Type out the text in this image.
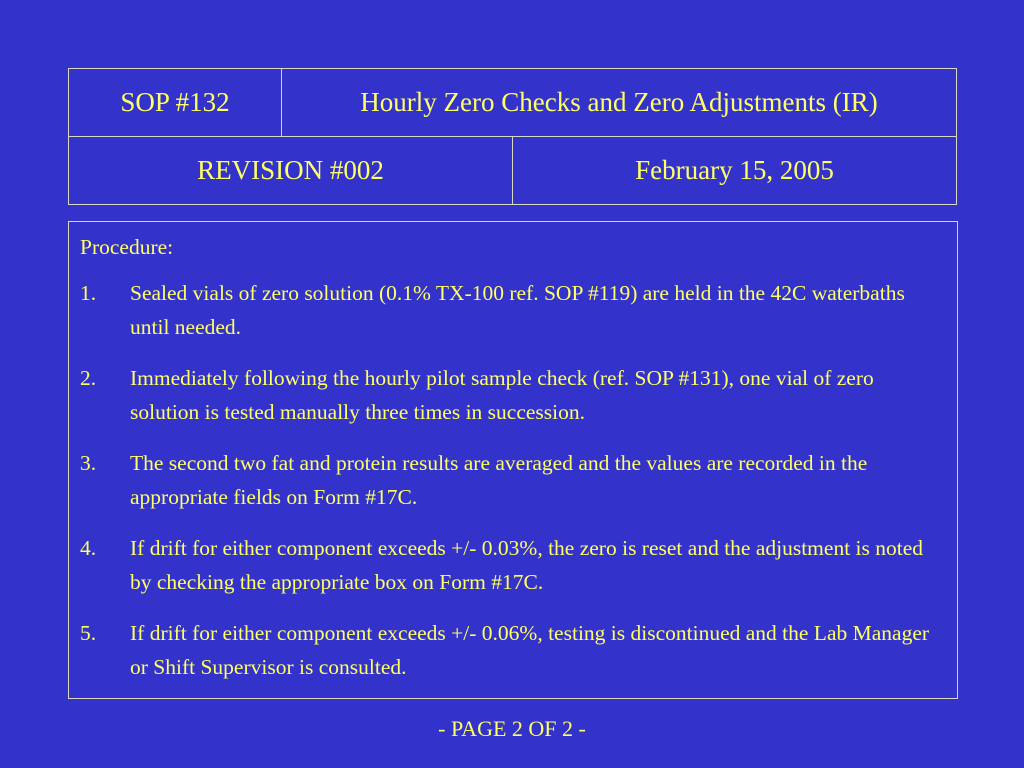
SOP #132	Hourly Zero Checks and Zero Adjustments (IR)
REVISION #002	February 15, 2005

Procedure:

1.	Sealed vials of zero solution (0.1% TX-100 ref. SOP #119) are held in the 42C waterbaths until needed.
2.	Immediately following the hourly pilot sample check (ref. SOP #131), one vial of zero solution is tested manually three times in succession.
3.	The second two fat and protein results are averaged and the values are recorded in the appropriate fields on Form #17C.
4.	If drift for either component exceeds +/- 0.03%, the zero is reset and the adjustment is noted by checking the appropriate box on Form #17C.
5.	If drift for either component exceeds +/- 0.06%, testing is discontinued and the Lab Manager or Shift Supervisor is consulted.
- PAGE 2 OF 2 -
